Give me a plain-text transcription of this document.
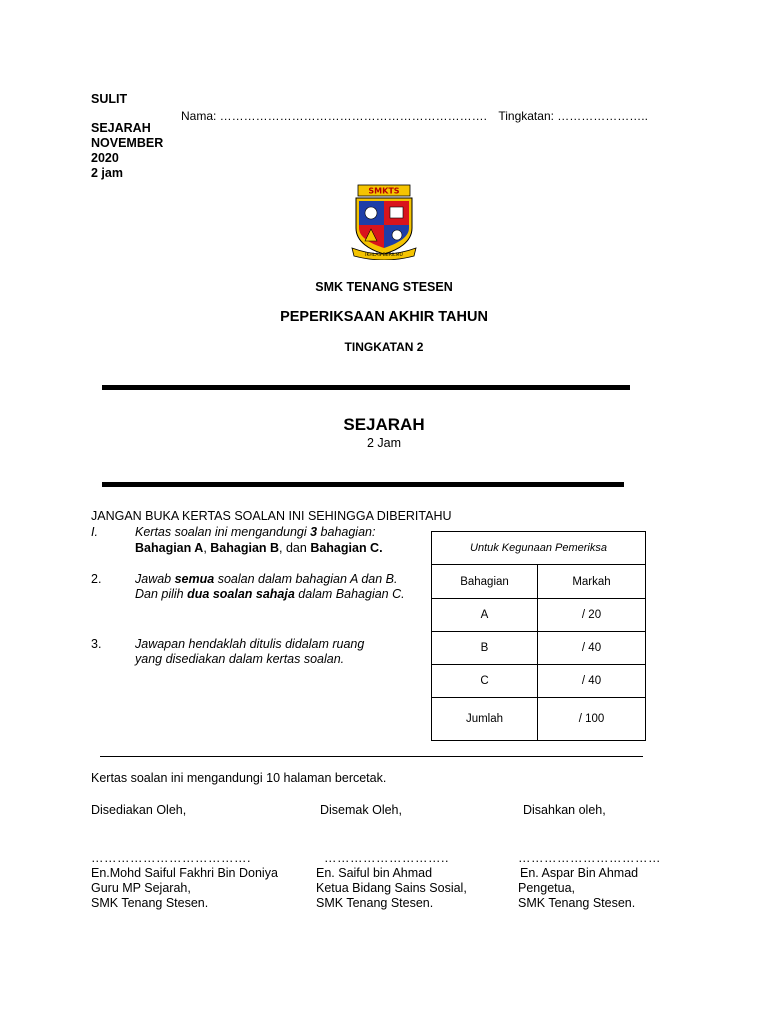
SULIT
SEJARAH
NOVEMBER
2020
2 jam
Nama: …………………………………………………………. Tingkatan: …………………..
SMKTS
IKHLAS BERILMU
SMK TENANG STESEN
PEPERIKSAAN AKHIR TAHUN
TINGKATAN 2
SEJARAH
2 Jam
JANGAN BUKA KERTAS SOALAN INI SEHINGGA DIBERITAHU
I.	Kertas soalan ini mengandungi 3 bahagian:
Bahagian A, Bahagian B, dan Bahagian C.
2.	Jawab semua soalan dalam bahagian A dan B.
Dan pilih dua soalan sahaja dalam Bahagian C.
3.	Jawapan hendaklah ditulis didalam ruang
yang disediakan dalam kertas soalan.
Untuk Kegunaan Pemeriksa	
Bahagian	Markah
A	/ 20
B	/ 40
C	/ 40
Jumlah	/ 100
Kertas soalan ini mengandungi 10 halaman bercetak.
Disediakan Oleh,
……………………………….
En.Mohd Saiful Fakhri Bin Doniya
Guru MP Sejarah,
SMK Tenang Stesen.
Disemak Oleh,
………………………..
En. Saiful bin Ahmad
Ketua Bidang Sains Sosial,
SMK Tenang Stesen.
Disahkan oleh,
……………………………
En. Aspar Bin Ahmad
Pengetua,
SMK Tenang Stesen.
